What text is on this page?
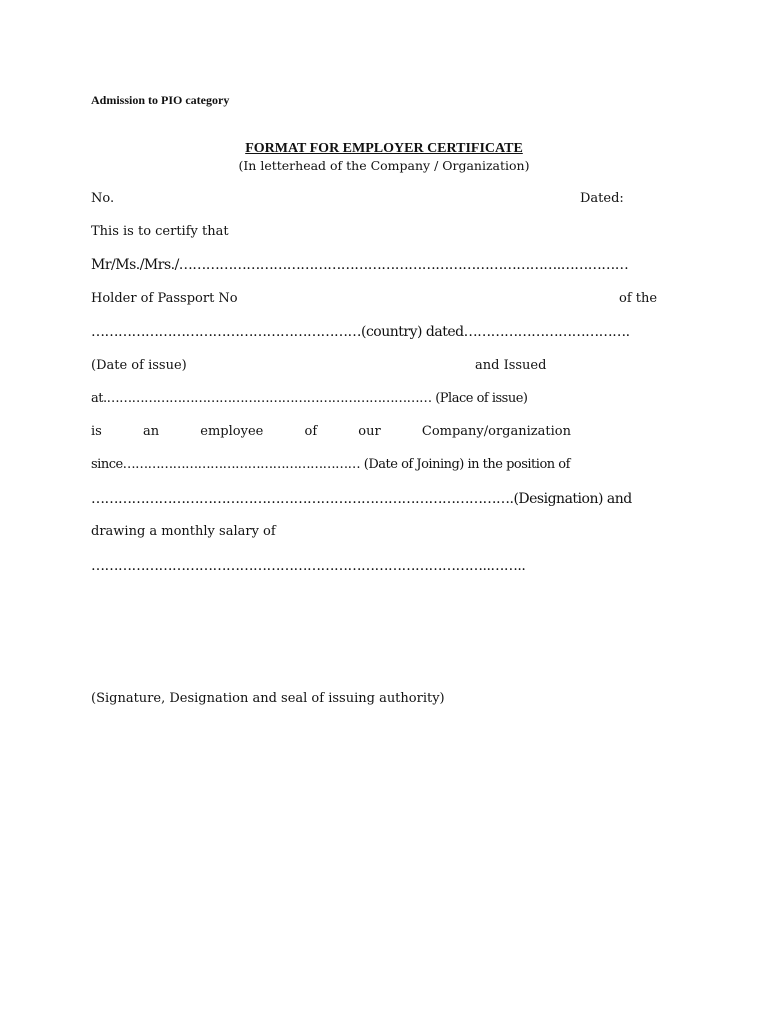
Admission to PIO category
FORMAT FOR EMPLOYER CERTIFICATE
(In letterhead of the Company / Organization)
No.	Dated:
This is to certify that
Mr/Ms./Mrs./………………………………………………………………………….……………
Holder of Passport No	of the
……………………………………………………(country) dated……………………………….
(Date of issue)	and Issued
at.…………………………………………………………………… (Place of issue)
is	an	employee	of	our	Company/organization
since………………………………………………… (Date of Joining) in the position of
………………………………………………………………………………….(Designation) and
drawing a monthly salary of
……………………………………………………………………………..……..
(Signature, Designation and seal of issuing authority)
